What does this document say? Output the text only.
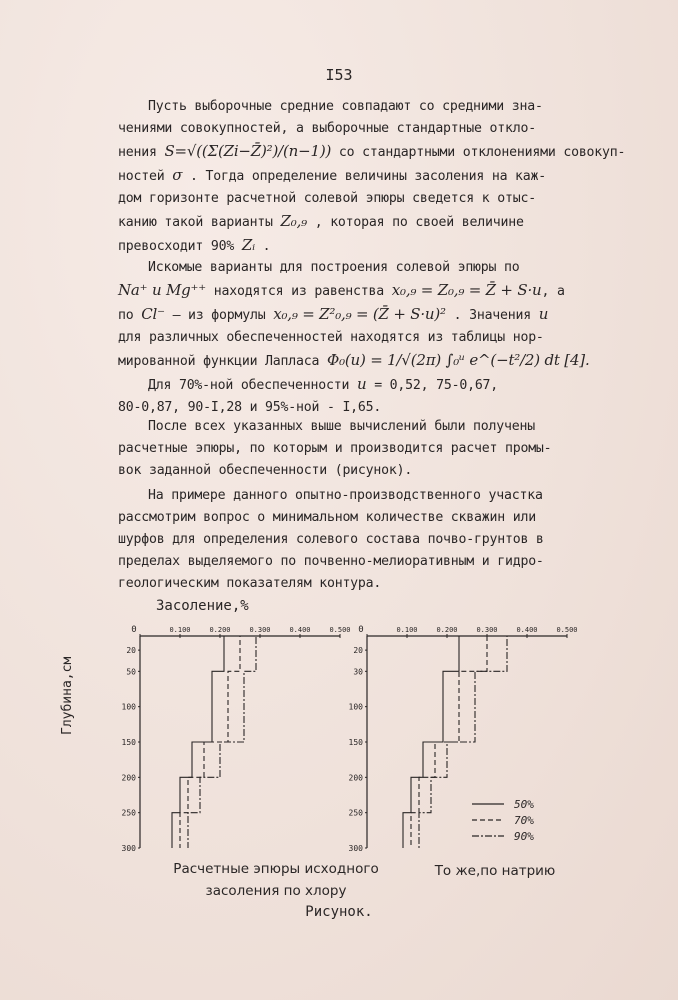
I53
Пусть выборочные средние совпадают со средними зна-
чениями совокупностей, а выборочные стандартные откло-
нения S=√((Σ(Zi−Z̄)²)/(n−1)) со стандартными отклонениями совокуп-
ностей σ . Тогда определение величины засоления на каж-
дом горизонте расчетной солевой эпюры сведется к отыс-
канию такой варианты Z₀,₉ , которая по своей величине
превосходит 90% Zᵢ .
Искомые варианты для построения солевой эпюры по
Na⁺ и Mg⁺⁺ находятся из равенства x₀,₉ = Z₀,₉ = Z̄ + S·u, а
по Cl⁻ – из формулы x₀,₉ = Z²₀,₉ = (Z̄ + S·u)² . Значения u
для различных обеспеченностей находятся из таблицы нор-
мированной функции Лапласа Φ₀(u) = 1/√(2π) ∫₀ᵘ e^(−t²/2) dt [4].
Для 70%-ной обеспеченности u = 0,52, 75-0,67,
80-0,87, 90-I,28 и 95%-ной - I,65.
После всех указанных выше вычислений были получены
расчетные эпюры, по которым и производится расчет промы-
вок заданной обеспеченности (рисунок).
На примере данного опытно-производственного участка
рассмотрим вопрос о минимальном количестве скважин или
шурфов для определения солевого состава почво-грунтов в
пределах выделяемого по почвенно-мелиоративным и гидро-
геологическим показателям контура.
Засоление,%
Глубина,см
0	0.100	0.200	0.300	0.400	0.500
20
50
100
150
200
250
300
0	0.100	0.200	0.300	0.400	0.500
20
30
100
150
200
250
300
50%
70%
90%
Расчетные эпюры исходного
засоления по хлору
То же,по натрию
Рисунок.
